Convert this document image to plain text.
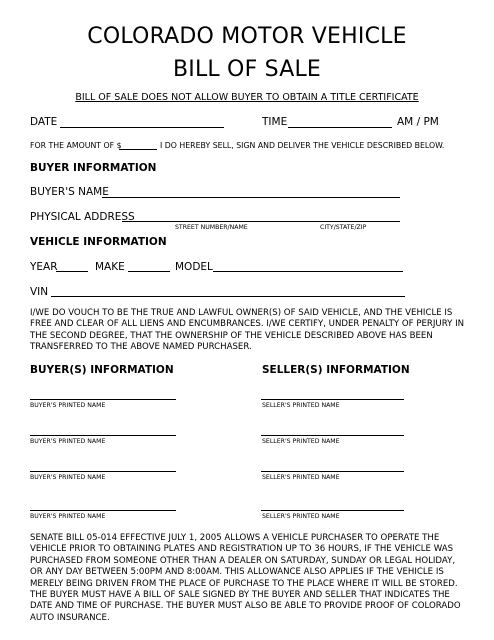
COLORADO MOTOR VEHICLE
BILL OF SALE
BILL OF SALE DOES NOT ALLOW BUYER TO OBTAIN A TITLE CERTIFICATE
DATE	TIME	AM / PM
FOR THE AMOUNT OF $	I DO HEREBY SELL, SIGN AND DELIVER THE VEHICLE DESCRIBED BELOW.
BUYER INFORMATION
BUYER'S NAME
PHYSICAL ADDRESS
STREET NUMBER/NAME	CITY/STATE/ZIP
VEHICLE INFORMATION
YEAR	MAKE	MODEL
VIN
I/WE DO VOUCH TO BE THE TRUE AND LAWFUL OWNER(S) OF SAID VEHICLE, AND THE VEHICLE IS FREE AND CLEAR OF ALL LIENS AND ENCUMBRANCES. I/WE CERTIFY, UNDER PENALTY OF PERJURY IN THE SECOND DEGREE, THAT THE OWNERSHIP OF THE VEHICLE DESCRIBED ABOVE HAS BEEN TRANSFERRED TO THE ABOVE NAMED PURCHASER.
BUYER(S) INFORMATION	SELLER(S) INFORMATION
BUYER'S PRINTED NAME	SELLER'S PRINTED NAME
BUYER'S PRINTED NAME	SELLER'S PRINTED NAME
BUYER'S PRINTED NAME	SELLER'S PRINTED NAME
BUYER'S PRINTED NAME	SELLER'S PRINTED NAME
SENATE BILL 05-014 EFFECTIVE JULY 1, 2005 ALLOWS A VEHICLE PURCHASER TO OPERATE THE VEHICLE PRIOR TO OBTAINING PLATES AND REGISTRATION UP TO 36 HOURS, IF THE VEHICLE WAS PURCHASED FROM SOMEONE OTHER THAN A DEALER ON SATURDAY, SUNDAY OR LEGAL HOLIDAY, OR ANY DAY BETWEEN 5:00PM AND 8:00AM. THIS ALLOWANCE ALSO APPLIES IF THE VEHICLE IS MERELY BEING DRIVEN FROM THE PLACE OF PURCHASE TO THE PLACE WHERE IT WILL BE STORED. THE BUYER MUST HAVE A BILL OF SALE SIGNED BY THE BUYER AND SELLER THAT INDICATES THE DATE AND TIME OF PURCHASE. THE BUYER MUST ALSO BE ABLE TO PROVIDE PROOF OF COLORADO AUTO INSURANCE.
